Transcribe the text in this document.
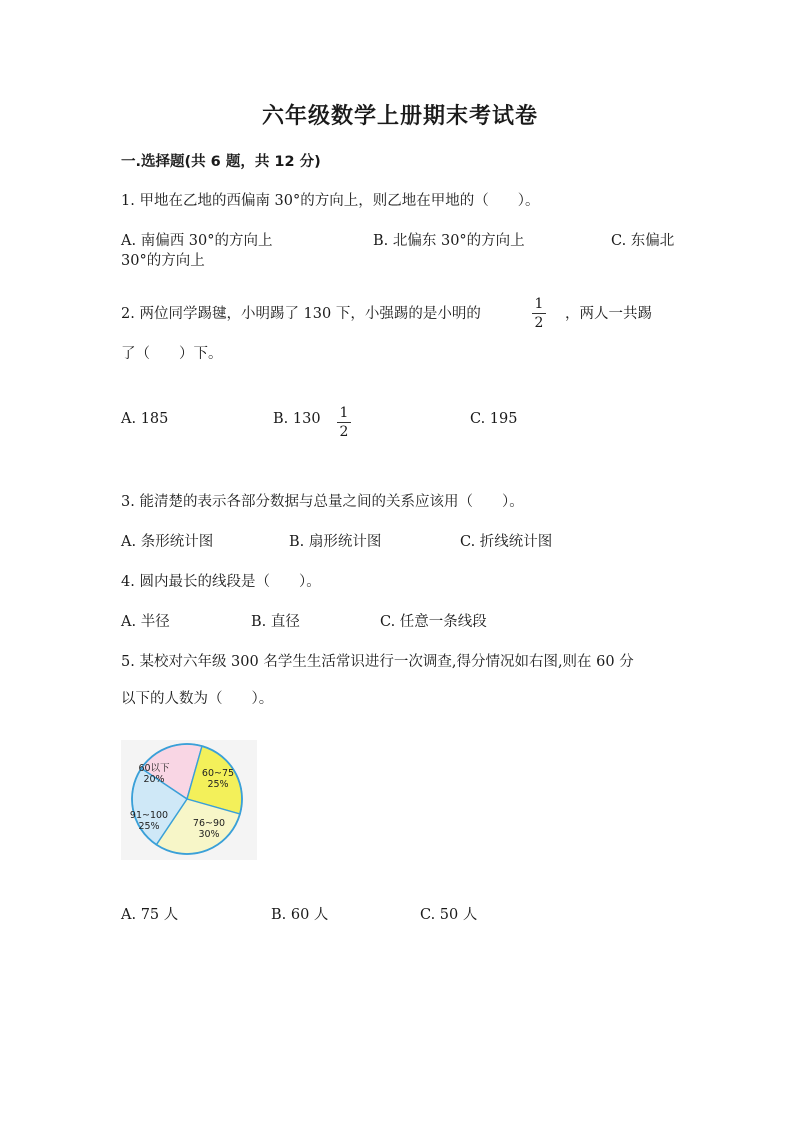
六年级数学上册期末考试卷
一.选择题(共 6 题，共 12 分)
1. 甲地在乙地的西偏南 30°的方向上，则乙地在甲地的（　　）。
A. 南偏西 30°的方向上	B. 北偏东 30°的方向上	C. 东偏北
30°的方向上
2. 两位同学踢毽，小明踢了 130 下，小强踢的是小明的
1
2
，两人一共踢
了（　　）下。
A. 185	B. 130 1
2
C. 195
3. 能清楚的表示各部分数据与总量之间的关系应该用（　　）。
A. 条形统计图	B. 扇形统计图	C. 折线统计图
4. 圆内最长的线段是（　　）。
A. 半径	B. 直径	C. 任意一条线段
5. 某校对六年级 300 名学生生活常识进行一次调查,得分情况如右图,则在 60 分
以下的人数为（　　）。
60以下
20%
60~75
25%
76~90
30%
91~100
25%
A. 75 人	B. 60 人	C. 50 人
